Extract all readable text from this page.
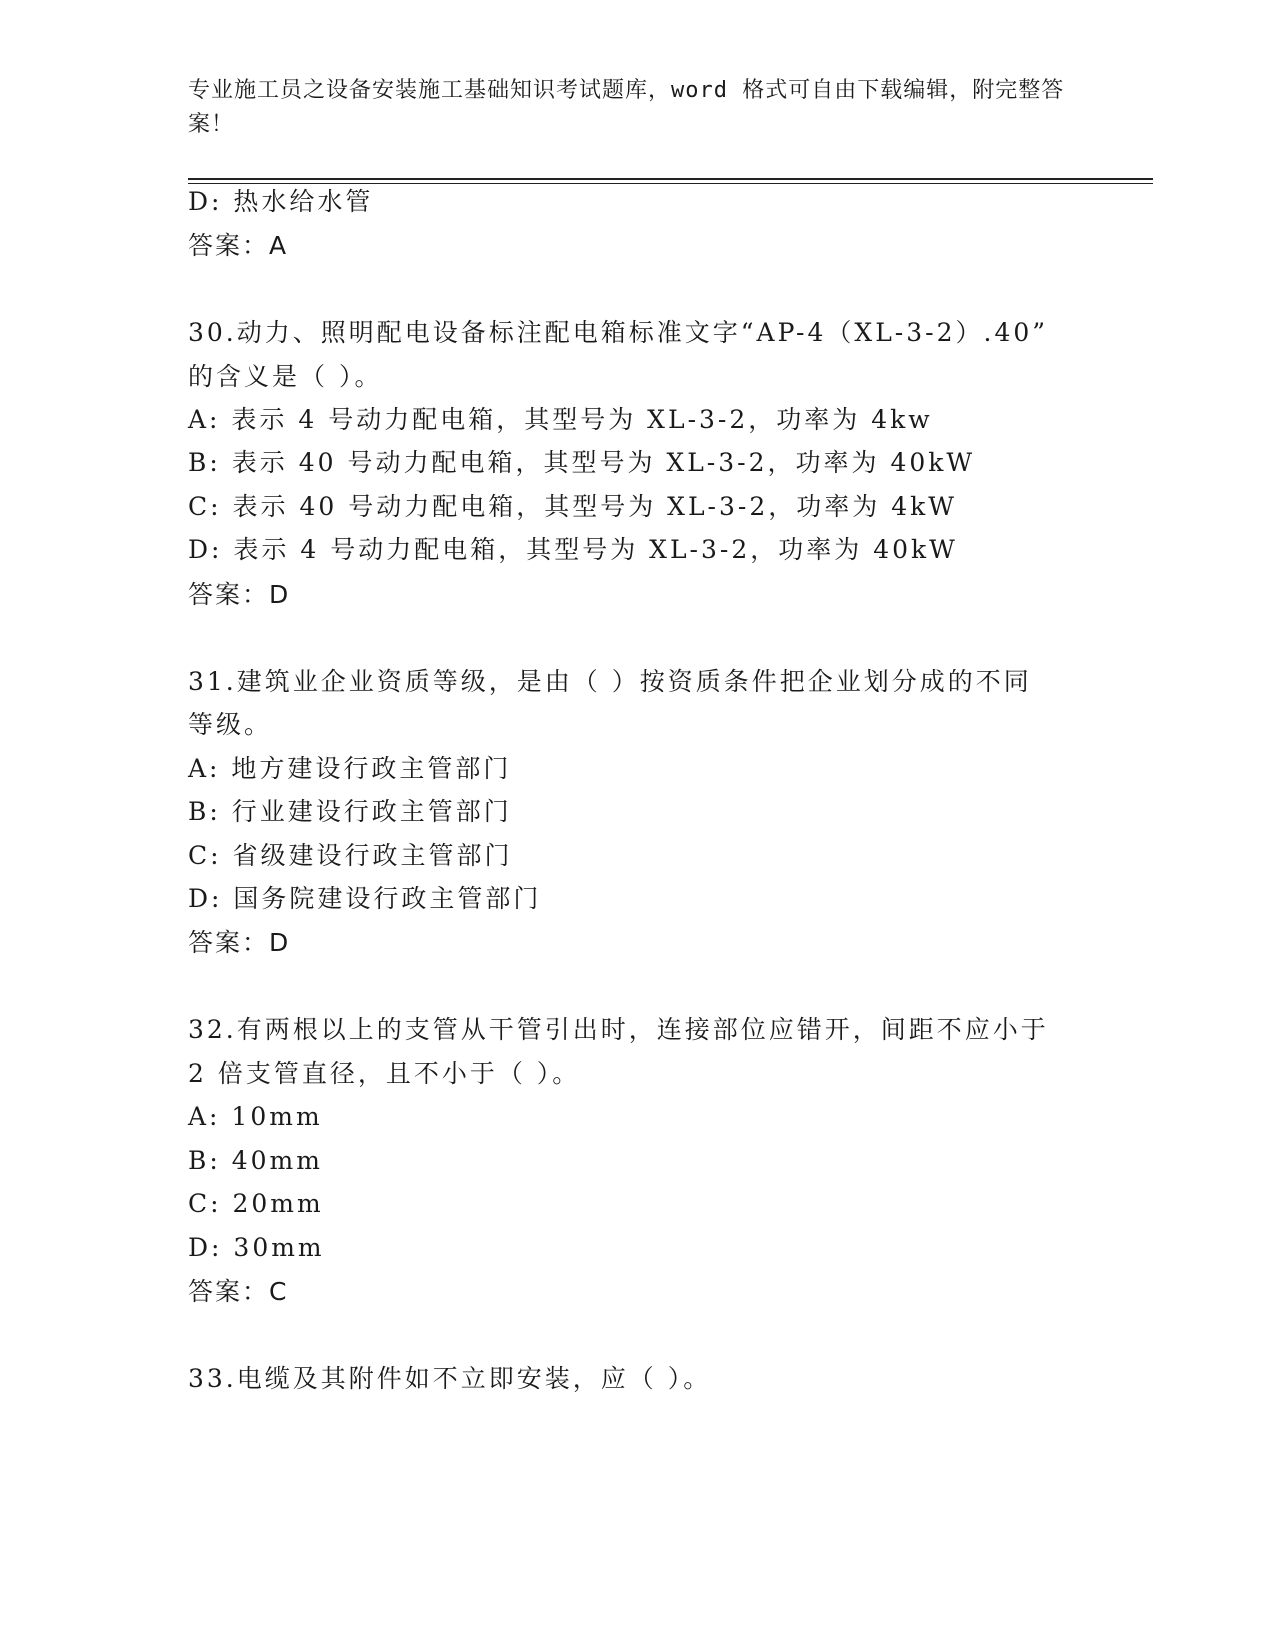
专业施工员之设备安装施工基础知识考试题库，word 格式可自由下载编辑，附完整答案！
D: 热水给水管
答案：A
30.动力、照明配电设备标注配电箱标准文字“AP-4（XL-3-2）.40”
的含义是（ ）。
A: 表示 4 号动力配电箱，其型号为 XL-3-2，功率为 4kw
B: 表示 40 号动力配电箱，其型号为 XL-3-2，功率为 40kW
C: 表示 40 号动力配电箱，其型号为 XL-3-2，功率为 4kW
D: 表示 4 号动力配电箱，其型号为 XL-3-2，功率为 40kW
答案：D
31.建筑业企业资质等级，是由（ ）按资质条件把企业划分成的不同
等级。
A: 地方建设行政主管部门
B: 行业建设行政主管部门
C: 省级建设行政主管部门
D: 国务院建设行政主管部门
答案：D
32.有两根以上的支管从干管引出时，连接部位应错开，间距不应小于
2 倍支管直径，且不小于（ ）。
A: 10mm
B: 40mm
C: 20mm
D: 30mm
答案：C
33.电缆及其附件如不立即安装，应（ ）。
